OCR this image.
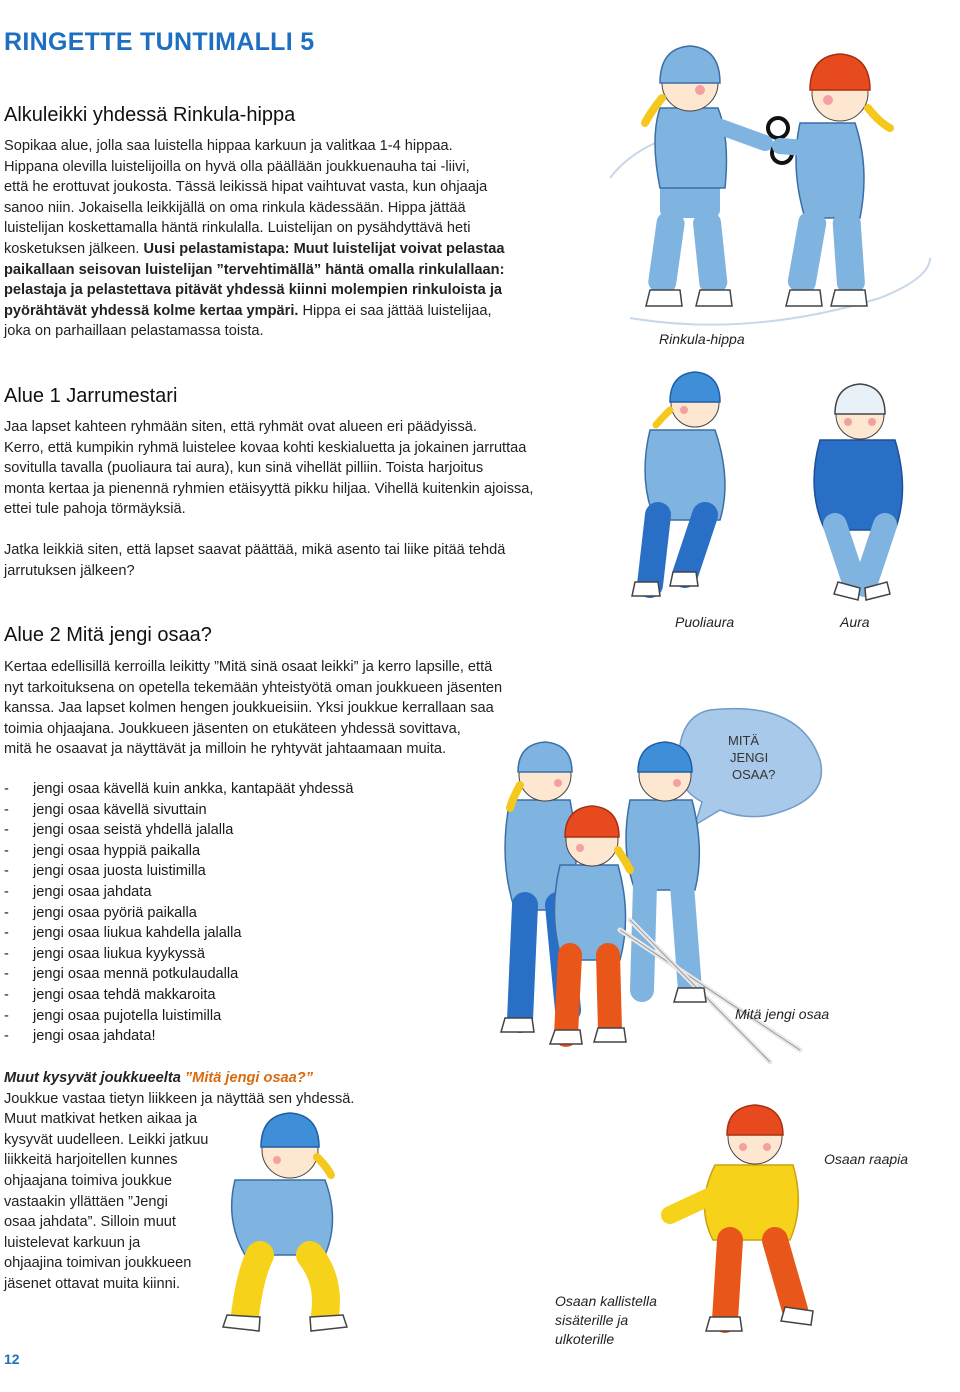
RINGETTE TUNTIMALLI 5
Alkuleikki yhdessä Rinkula-hippa
Sopikaa alue, jolla saa luistella hippaa karkuun ja valitkaa 1-4 hippaa.
Hippana olevilla luistelijoilla on hyvä olla päällään joukkuenauha tai -liivi,
että he erottuvat joukosta. Tässä leikissä hipat vaihtuvat vasta, kun ohjaaja
sanoo niin. Jokaisella leikkijällä on oma rinkula kädessään. Hippa jättää
luistelijan koskettamalla häntä rinkulalla. Luistelijan on pysähdyttävä heti
kosketuksen jälkeen. Uusi pelastamistapa: Muut luistelijat voivat pelastaa
paikallaan seisovan luistelijan ”tervehtimällä” häntä omalla rinkulallaan:
pelastaja ja pelastettava pitävät yhdessä kiinni molempien rinkuloista ja
pyörähtävät yhdessä kolme kertaa ympäri. Hippa ei saa jättää luistelijaa,
joka on parhaillaan pelastamassa toista.	Rinkula-hippa
Alue 1 Jarrumestari
Jaa lapset kahteen ryhmään siten, että ryhmät ovat alueen eri päädyissä.
Kerro, että kumpikin ryhmä luistelee kovaa kohti keskialuetta ja jokainen jarruttaa
sovitulla tavalla (puoliaura tai aura), kun sinä vihellät pilliin. Toista harjoitus
monta kertaa ja pienennä ryhmien etäisyyttä pikku hiljaa. Vihellä kuitenkin ajoissa,
ettei tule pahoja törmäyksiä.
Jatka leikkiä siten, että lapset saavat päättää, mikä asento tai liike pitää tehdä
jarrutuksen jälkeen?
Puoliaura	Aura
Alue 2 Mitä jengi osaa?
Kertaa edellisillä kerroilla leikitty ”Mitä sinä osaat leikki” ja kerro lapsille, että
nyt tarkoituksena on opetella tekemään yhteistyötä oman joukkueen jäsenten
kanssa. Jaa lapset kolmen hengen joukkueisiin. Yksi joukkue kerrallaan saa
toimia ohjaajana. Joukkueen jäsenten on etukäteen yhdessä sovittava,
mitä he osaavat ja näyttävät ja milloin he ryhtyvät jahtaamaan muita.
-	jengi osaa kävellä kuin ankka, kantapäät yhdessä
-	jengi osaa kävellä sivuttain
-	jengi osaa seistä yhdellä jalalla
-	jengi osaa hyppiä paikalla
-	jengi osaa juosta luistimilla
-	jengi osaa jahdata
-	jengi osaa pyöriä paikalla
-	jengi osaa liukua kahdella jalalla
-	jengi osaa liukua kyykyssä
-	jengi osaa mennä potkulaudalla
-	jengi osaa tehdä makkaroita
-	jengi osaa pujotella luistimilla
-	jengi osaa jahdata!
MITÄ
JENGI
OSAA?
Mitä jengi osaa
Muut kysyvät joukkueelta ”Mitä jengi osaa?”
Joukkue vastaa tietyn liikkeen ja näyttää sen yhdessä.
Muut matkivat hetken aikaa ja
kysyvät uudelleen. Leikki jatkuu
liikkeitä harjoitellen kunnes
ohjaajana toimiva joukkue
vastaakin yllättäen ”Jengi
osaa jahdata”. Silloin muut
luistelevat karkuun ja
ohjaajina toimivan joukkueen
jäsenet ottavat muita kiinni.
Osaan kallistella
sisäterille ja
ulkoterille
Osaan raapia
12
